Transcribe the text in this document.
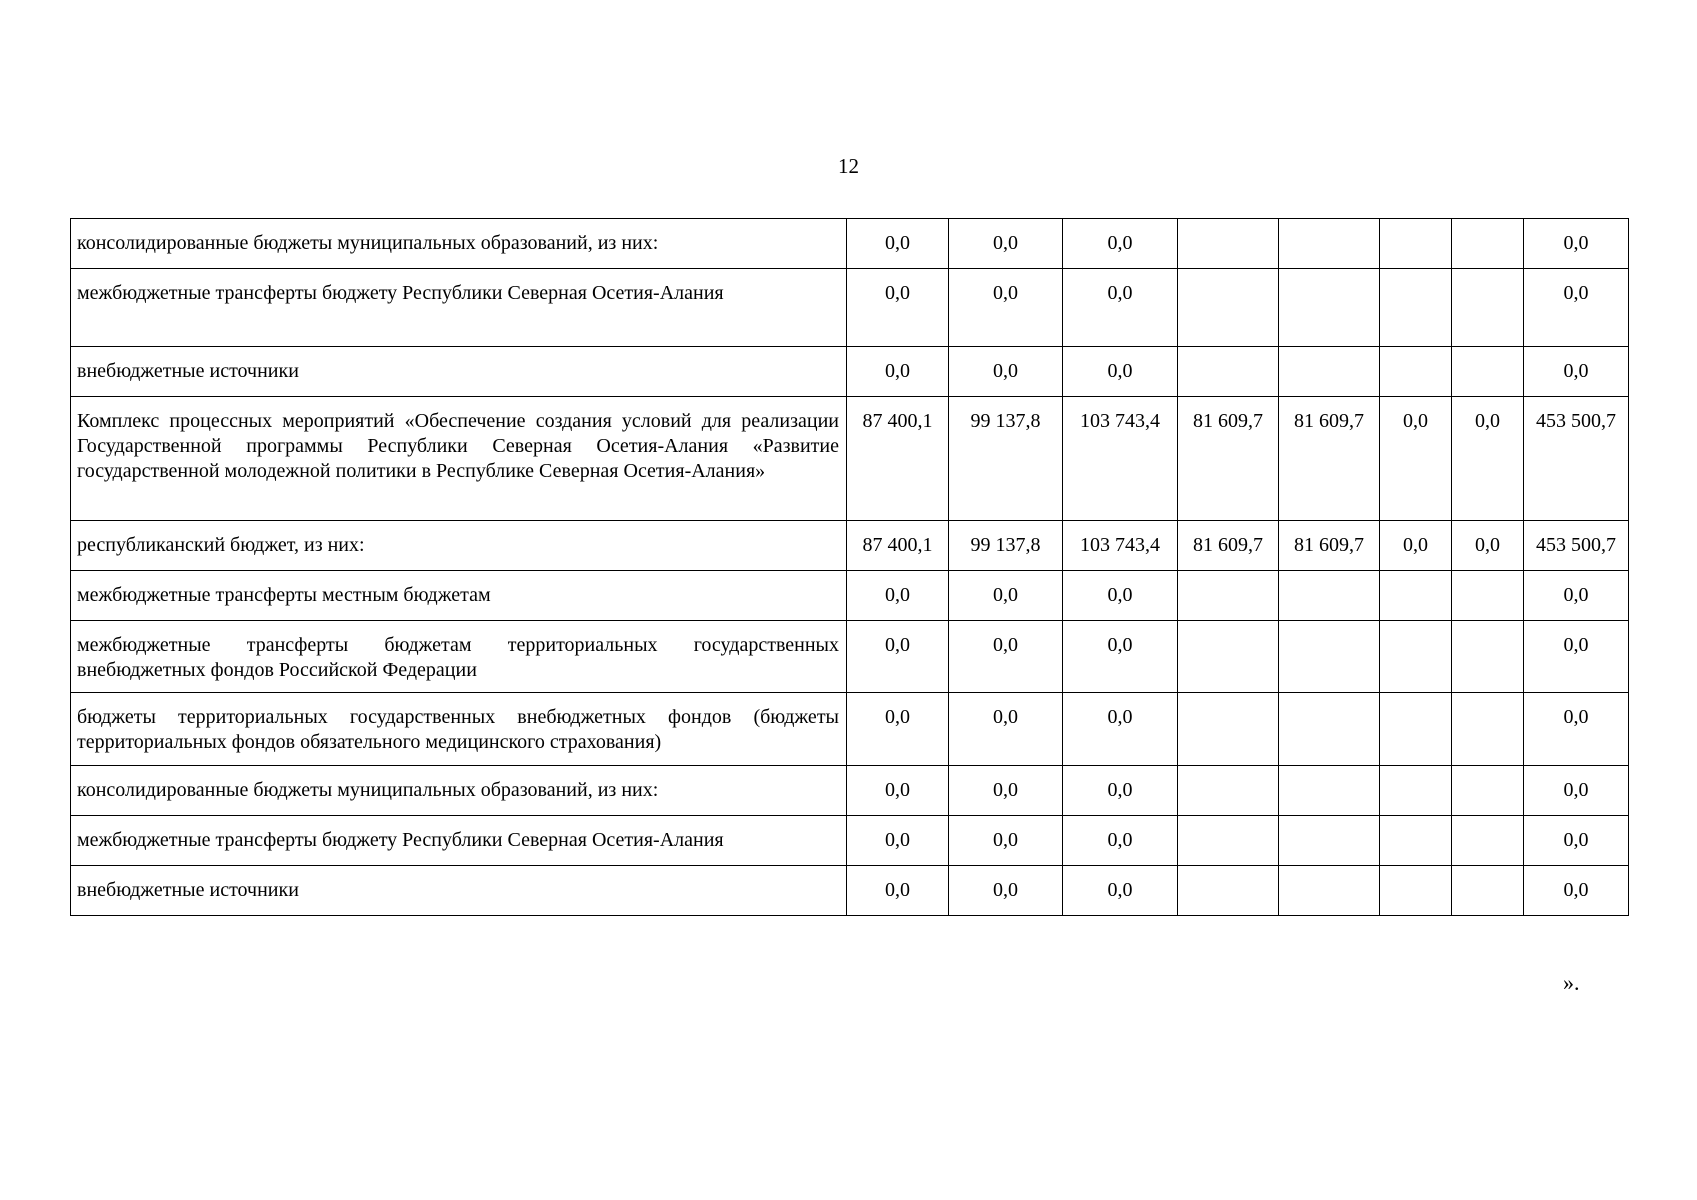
12
консолидированные бюджеты муниципальных образований, из них:	0,0	0,0	0,0					0,0
межбюджетные трансферты бюджету Республики Северная Осетия-Алания	0,0	0,0	0,0					0,0
внебюджетные источники	0,0	0,0	0,0					0,0
Комплекс процессных мероприятий «Обеспечение создания условий для реализации Государственной программы Республики Северная Осетия-Алания «Развитие государственной молодежной политики в Республике Северная Осетия-Алания»	87 400,1	99 137,8	103 743,4	81 609,7	81 609,7	0,0	0,0	453 500,7
республиканский бюджет, из них:	87 400,1	99 137,8	103 743,4	81 609,7	81 609,7	0,0	0,0	453 500,7
межбюджетные трансферты местным бюджетам	0,0	0,0	0,0					0,0
межбюджетные трансферты бюджетам территориальных государственных внебюджетных фондов Российской Федерации	0,0	0,0	0,0					0,0
бюджеты территориальных государственных внебюджетных фондов (бюджеты территориальных фондов обязательного медицинского страхования)	0,0	0,0	0,0					0,0
консолидированные бюджеты муниципальных образований, из них:	0,0	0,0	0,0					0,0
межбюджетные трансферты бюджету Республики Северная Осетия-Алания	0,0	0,0	0,0					0,0
внебюджетные источники	0,0	0,0	0,0					0,0
».
